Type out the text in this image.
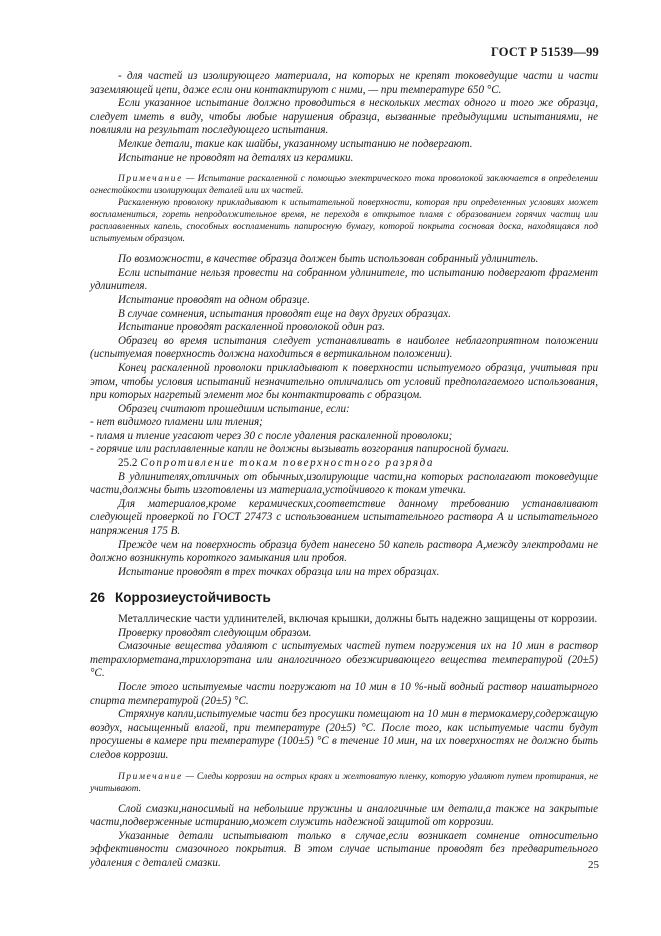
ГОСТ Р 51539—99

- для частей из изолирующего материала, на которых не крепят токоведущие части и части заземляющей цепи, даже если они контактируют с ними, — при температуре 650 °С.

Если указанное испытание должно проводиться в нескольких местах одного и того же образца, следует иметь в виду, чтобы любые нарушения образца, вызванные предыдущими испытаниями, не повлияли на результат последующего испытания.

Мелкие детали, такие как шайбы, указанному испытанию не подвергают.

Испытание не проводят на деталях из керамики.

Примечание — Испытание раскаленной с помощью электрического тока проволокой заключается в определении огнестойкости изолирующих деталей или их частей.

Раскаленную проволоку прикладывают к испытательной поверхности, которая при определенных условиях может воспламениться, гореть непродолжительное время, не переходя в открытое пламя с образованием горячих частиц или расплавленных капель, способных воспламенить папиросную бумагу, которой покрыта сосновая доска, находящаяся под испытуемым образцом.

По возможности, в качестве образца должен быть использован собранный удлинитель.

Если испытание нельзя провести на собранном удлинителе, то испытанию подвергают фрагмент удлинителя.

Испытание проводят на одном образце.

В случае сомнения, испытания проводят еще на двух других образцах.

Испытание проводят раскаленной проволокой один раз.

Образец во время испытания следует устанавливать в наиболее неблагоприятном положении (испытуемая поверхность должна находиться в вертикальном положении).

Конец раскаленной проволоки прикладывают к поверхности испытуемого образца, учитывая при этом, чтобы условия испытаний незначительно отличались от условий предполагаемого использования, при которых нагретый элемент мог бы контактировать с образцом.

Образец считают прошедшим испытание, если:

- нет видимого пламени или тления;

- пламя и тление угасают через 30 с после удаления раскаленной проволоки;

- горячие или расплавленные капли не должны вызывать возгорания папиросной бумаги.

25.2 Сопротивление токам поверхностного разряда

В удлинителях,отличных от обычных,изолирующие части,на которых располагают токоведущие части,должны быть изготовлены из материала,устойчивого к токам утечки.

Для материалов,кроме керамических,соответствие данному требованию устанавливают следующей проверкой по ГОСТ 27473 с использованием испытательного раствора А и испытательного напряжения 175 В.

Прежде чем на поверхность образца будет нанесено 50 капель раствора А,между электродами не должно возникнуть короткого замыкания или пробоя.

Испытание проводят в трех точках образца или на трех образцах.

26 Коррозиеустойчивость

Металлические части удлинителей, включая крышки, должны быть надежно защищены от коррозии.

Проверку проводят следующим образом.

Смазочные вещества удаляют с испытуемых частей путем погружения их на 10 мин в раствор тетрахлорметана,трихлорэтана или аналогичного обезжиривающего вещества температурой (20±5) °С.

После этого испытуемые части погружают на 10 мин в 10 %-ный водный раствор нашатырного спирта температурой (20±5) °С.

Стряхнув капли,испытуемые части без просушки помещают на 10 мин в термокамеру,содержащую воздух, насыщенный влагой, при температуре (20±5) °С. После того, как испытуемые части будут просушены в камере при температуре (100±5) °С в течение 10 мин, на их поверхностях не должно быть следов коррозии.

Примечание — Следы коррозии на острых краях и желтоватую пленку, которую удаляют путем протирания, не учитывают.

Слой смазки,наносимый на небольшие пружины и аналогичные им детали,а также на закрытые части,подверженные истиранию,может служить надежной защитой от коррозии.

Указанные детали испытывают только в случае,если возникает сомнение относительно эффективности смазочного покрытия. В этом случае испытание проводят без предварительного удаления с деталей смазки.	25
